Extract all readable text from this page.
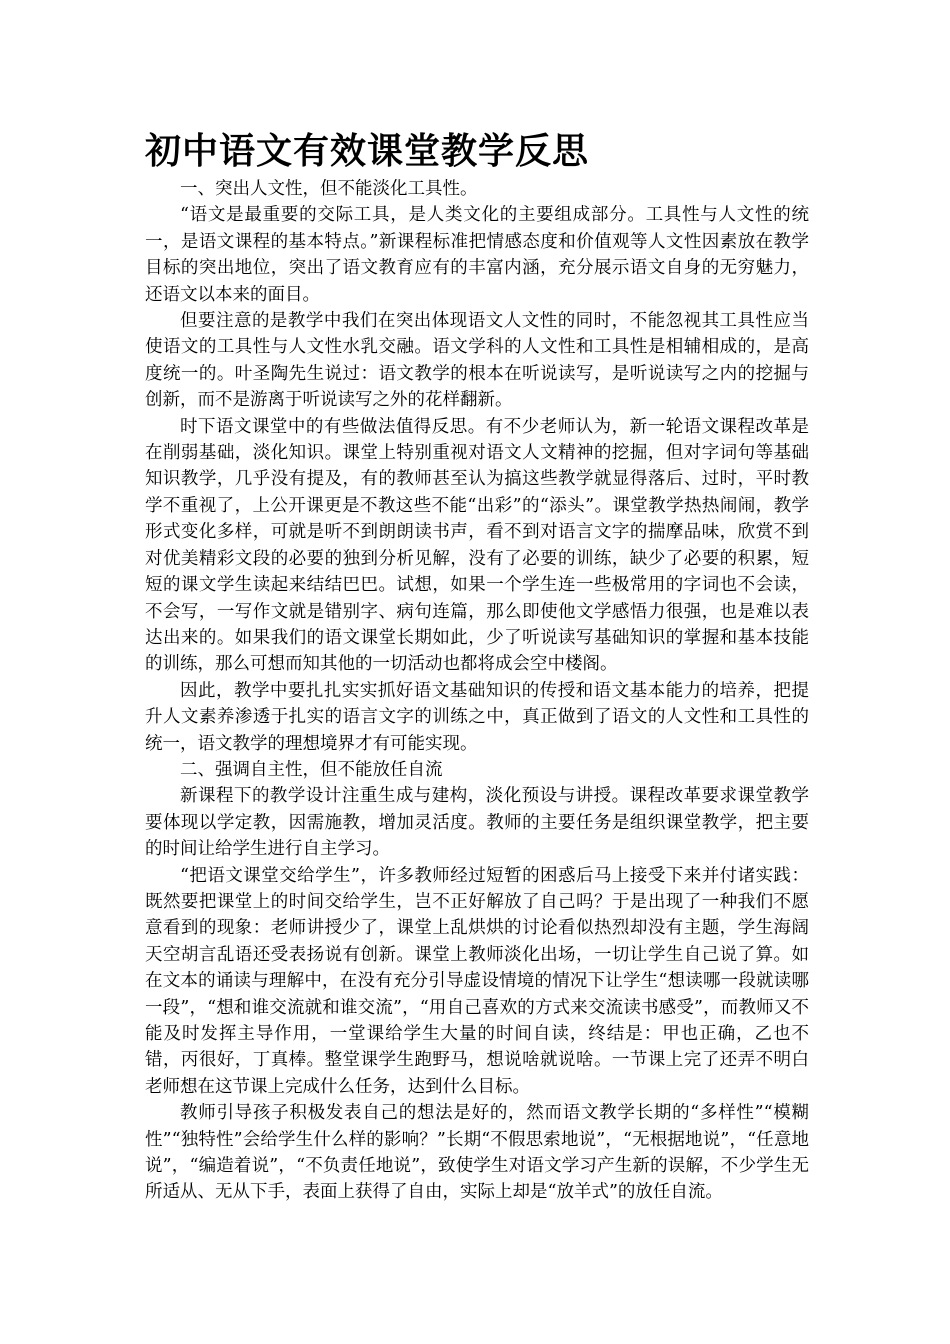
初中语文有效课堂教学反思

一、突出人文性，但不能淡化工具性。

“语文是最重要的交际工具，是人类文化的主要组成部分。工具性与人文性的统一，是语文课程的基本特点。”新课程标准把情感态度和价值观等人文性因素放在教学目标的突出地位，突出了语文教育应有的丰富内涵，充分展示语文自身的无穷魅力，还语文以本来的面目。

但要注意的是教学中我们在突出体现语文人文性的同时，不能忽视其工具性应当使语文的工具性与人文性水乳交融。语文学科的人文性和工具性是相辅相成的，是高度统一的。叶圣陶先生说过：语文教学的根本在听说读写，是听说读写之内的挖掘与创新，而不是游离于听说读写之外的花样翻新。

时下语文课堂中的有些做法值得反思。有不少老师认为，新一轮语文课程改革是在削弱基础，淡化知识。课堂上特别重视对语文人文精神的挖掘，但对字词句等基础知识教学，几乎没有提及，有的教师甚至认为搞这些教学就显得落后、过时，平时教学不重视了，上公开课更是不教这些不能“出彩”的“添头”。课堂教学热热闹闹，教学形式变化多样，可就是听不到朗朗读书声，看不到对语言文字的揣摩品味，欣赏不到对优美精彩文段的必要的独到分析见解，没有了必要的训练，缺少了必要的积累，短短的课文学生读起来结结巴巴。试想，如果一个学生连一些极常用的字词也不会读，不会写，一写作文就是错别字、病句连篇，那么即使他文学感悟力很强，也是难以表达出来的。如果我们的语文课堂长期如此，少了听说读写基础知识的掌握和基本技能的训练，那么可想而知其他的一切活动也都将成会空中楼阁。

因此，教学中要扎扎实实抓好语文基础知识的传授和语文基本能力的培养，把提升人文素养渗透于扎实的语言文字的训练之中，真正做到了语文的人文性和工具性的统一，语文教学的理想境界才有可能实现。

二、强调自主性，但不能放任自流

新课程下的教学设计注重生成与建构，淡化预设与讲授。课程改革要求课堂教学要体现以学定教，因需施教，增加灵活度。教师的主要任务是组织课堂教学，把主要的时间让给学生进行自主学习。

“把语文课堂交给学生”，许多教师经过短暂的困惑后马上接受下来并付诸实践：既然要把课堂上的时间交给学生，岂不正好解放了自己吗？于是出现了一种我们不愿意看到的现象：老师讲授少了，课堂上乱烘烘的讨论看似热烈却没有主题，学生海阔天空胡言乱语还受表扬说有创新。课堂上教师淡化出场，一切让学生自己说了算。如在文本的诵读与理解中，在没有充分引导虚设情境的情况下让学生“想读哪一段就读哪一段”，“想和谁交流就和谁交流”，“用自己喜欢的方式来交流读书感受”，而教师又不能及时发挥主导作用，一堂课给学生大量的时间自读，终结是：甲也正确，乙也不错，丙很好，丁真棒。整堂课学生跑野马，想说啥就说啥。一节课上完了还弄不明白老师想在这节课上完成什么任务，达到什么目标。

教师引导孩子积极发表自己的想法是好的，然而语文教学长期的“多样性”“模糊性”“独特性”会给学生什么样的影响？”长期“不假思索地说”，“无根据地说”，“任意地说”，“编造着说”，“不负责任地说”，致使学生对语文学习产生新的误解，不少学生无所适从、无从下手，表面上获得了自由，实际上却是“放羊式”的放任自流。
